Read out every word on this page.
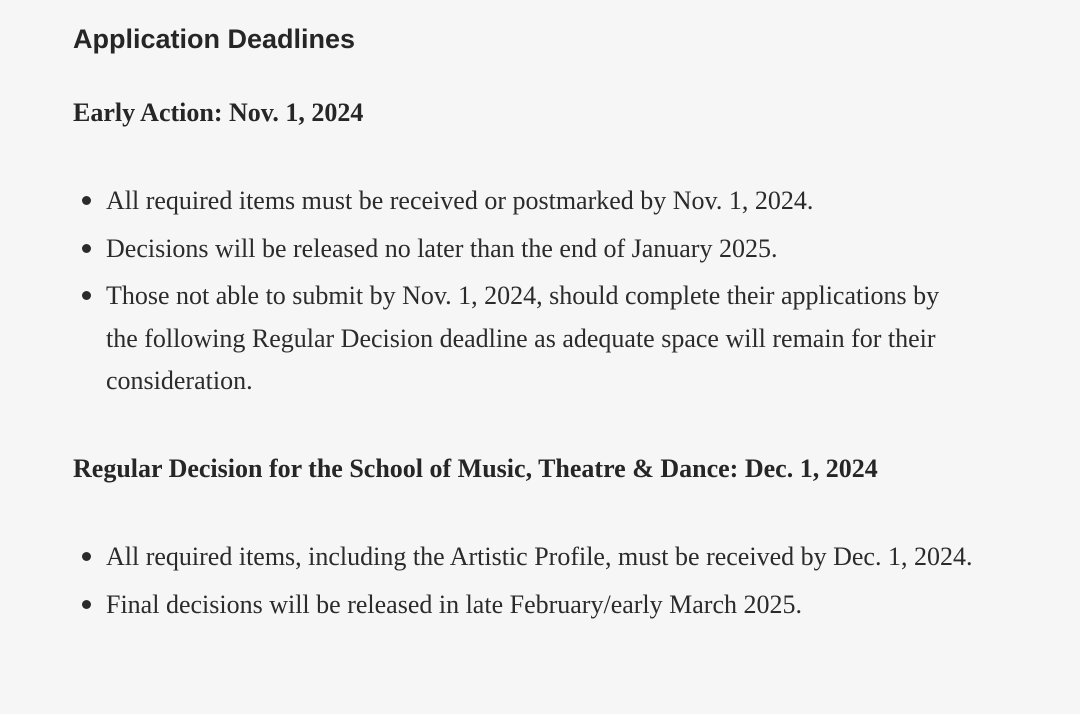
Application Deadlines
Early Action: Nov. 1, 2024
All required items must be received or postmarked by Nov. 1, 2024.
Decisions will be released no later than the end of January 2025.
Those not able to submit by Nov. 1, 2024, should complete their applications by the following Regular Decision deadline as adequate space will remain for their consideration.
Regular Decision for the School of Music, Theatre & Dance: Dec. 1, 2024
All required items, including the Artistic Profile, must be received by Dec. 1, 2024.
Final decisions will be released in late February/early March 2025.
